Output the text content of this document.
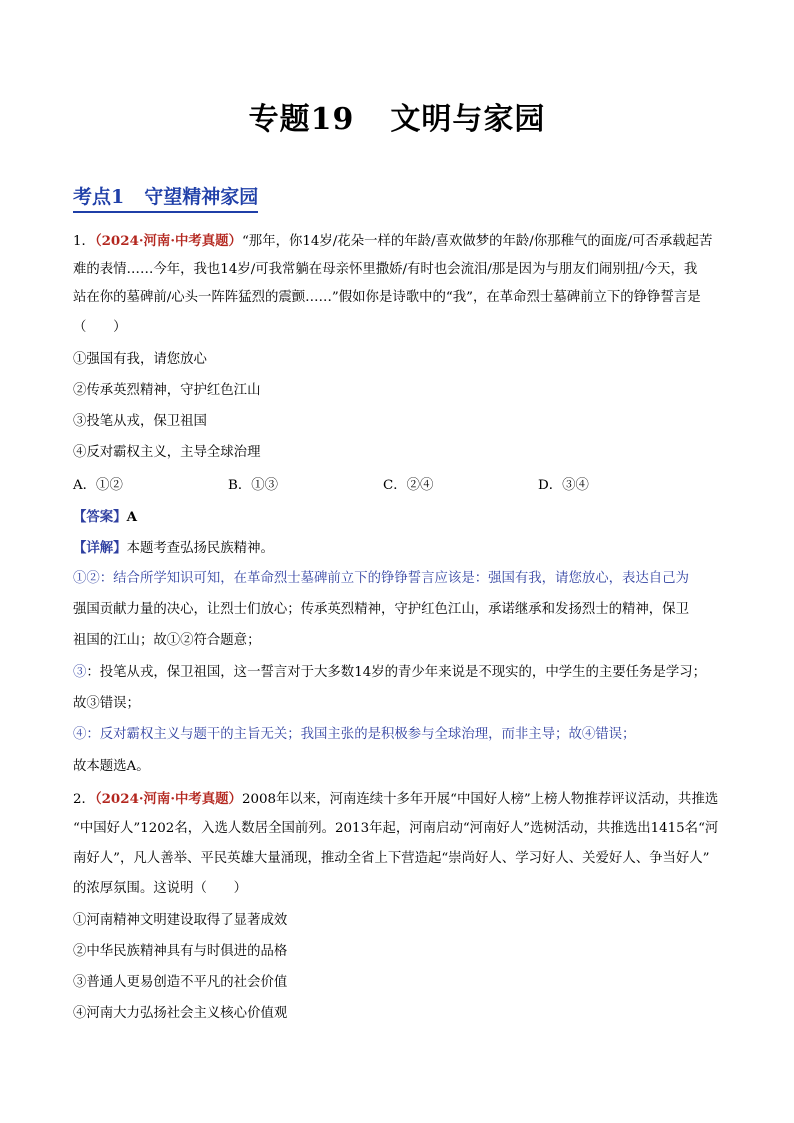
专题19 文明与家园
考点1 守望精神家园
1．（2024·河南·中考真题）“那年，你14岁/花朵一样的年龄/喜欢做梦的年龄/你那稚气的面庞/可否承载起苦
难的表情……今年，我也14岁/可我常躺在母亲怀里撒娇/有时也会流泪/那是因为与朋友们闹别扭/今天，我
站在你的墓碑前/心头一阵阵猛烈的震颤……”假如你是诗歌中的“我”，在革命烈士墓碑前立下的铮铮誓言是
（　　）
①强国有我，请您放心
②传承英烈精神，守护红色江山
③投笔从戎，保卫祖国
④反对霸权主义，主导全球治理
A．①②	B．①③	C．②④	D．③④
【答案】A
【详解】本题考查弘扬民族精神。
①②：结合所学知识可知，在革命烈士墓碑前立下的铮铮誓言应该是：强国有我，请您放心，表达自己为
强国贡献力量的决心，让烈士们放心；传承英烈精神，守护红色江山，承诺继承和发扬烈士的精神，保卫
祖国的江山；故①②符合题意；
③：投笔从戎，保卫祖国，这一誓言对于大多数14岁的青少年来说是不现实的，中学生的主要任务是学习；
故③错误；
④：反对霸权主义与题干的主旨无关；我国主张的是积极参与全球治理，而非主导；故④错误；
故本题选A。
2．（2024·河南·中考真题）2008年以来，河南连续十多年开展“中国好人榜”上榜人物推荐评议活动，共推选
“中国好人”1202名，入选人数居全国前列。2013年起，河南启动“河南好人”选树活动，共推选出1415名“河
南好人”，凡人善举、平民英雄大量涌现，推动全省上下营造起“崇尚好人、学习好人、关爱好人、争当好人”
的浓厚氛围。这说明（　　）
①河南精神文明建设取得了显著成效
②中华民族精神具有与时俱进的品格
③普通人更易创造不平凡的社会价值
④河南大力弘扬社会主义核心价值观
